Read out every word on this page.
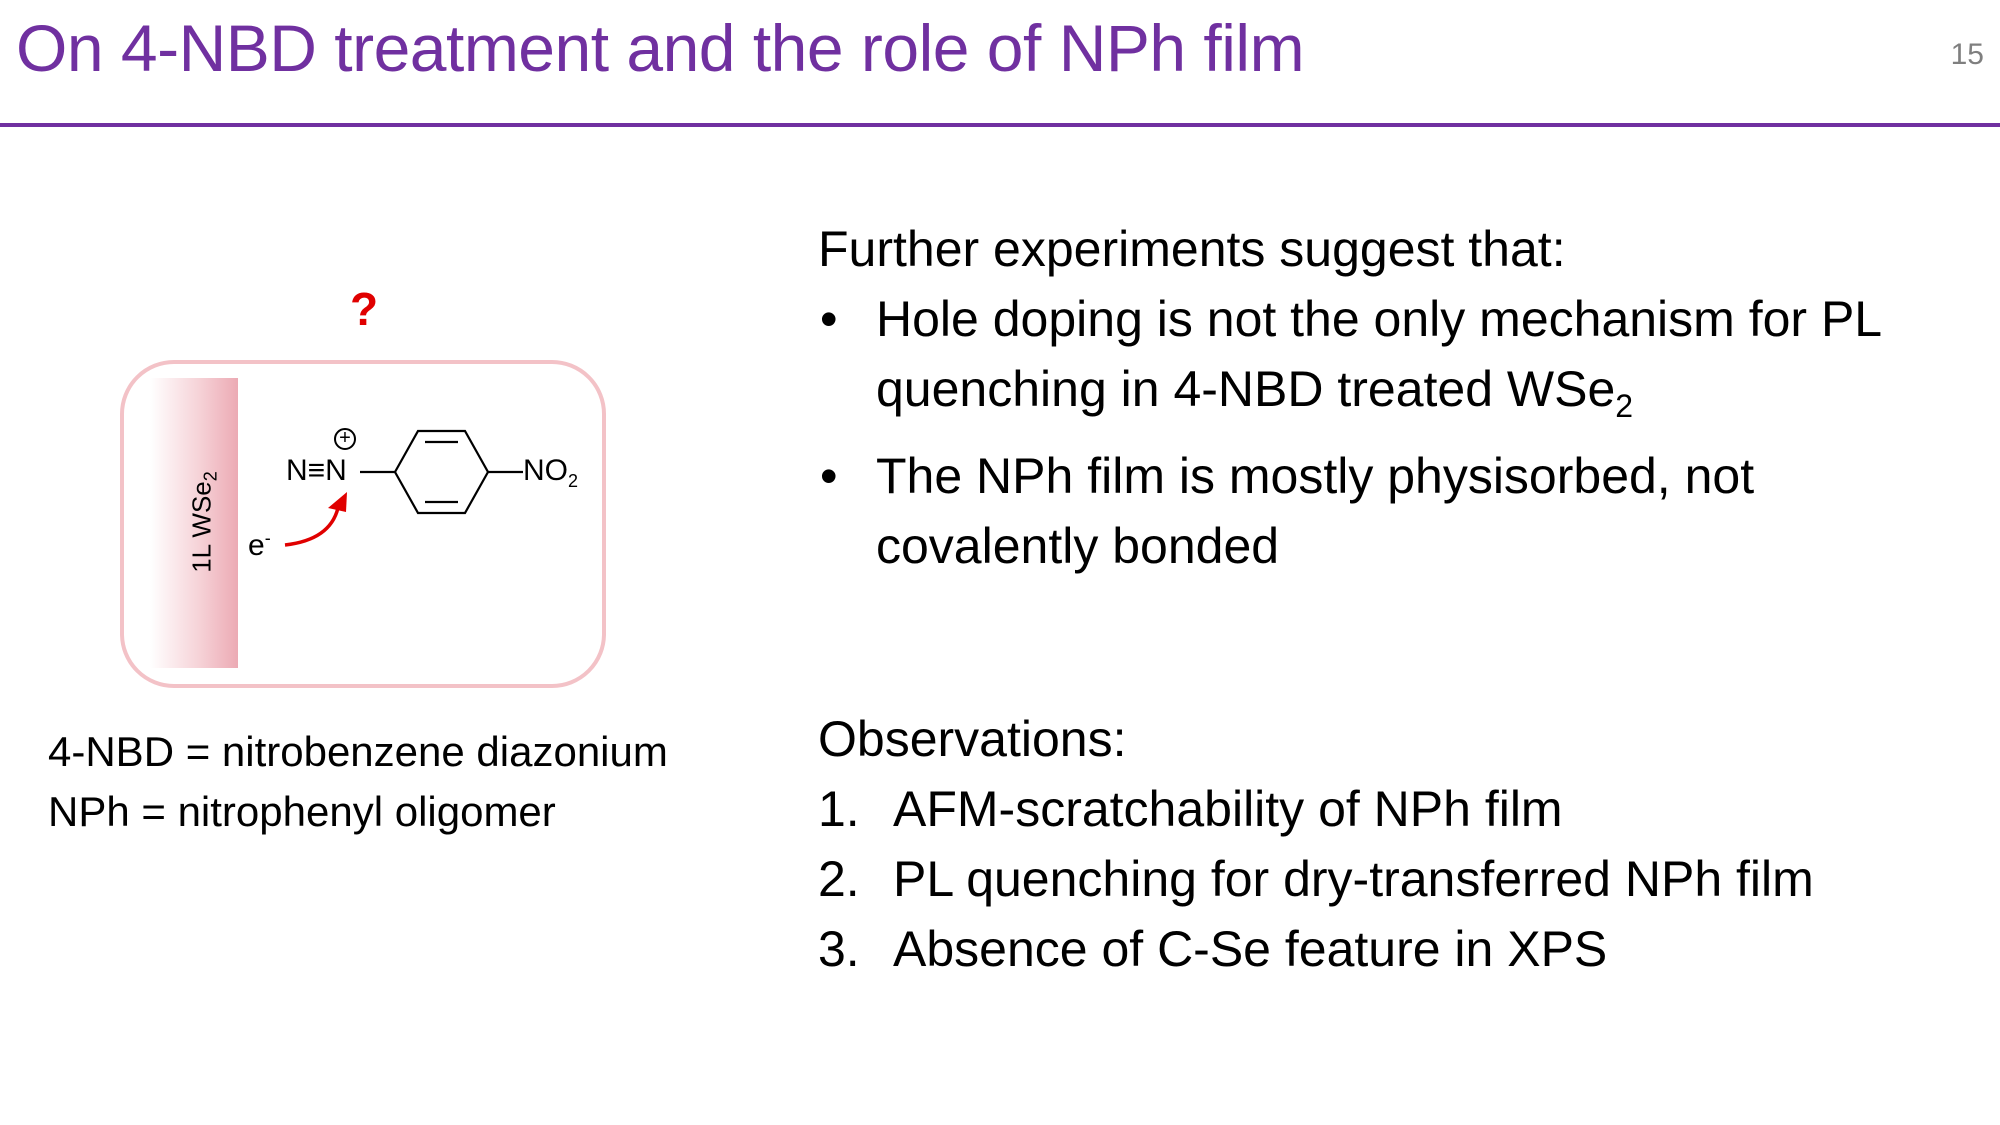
On 4-NBD treatment and the role of NPh film	15
?
1L WSe$_2$ N≡N
+
$NO_2$
e-
4-NBD = nitrobenzene diazonium
NPh = nitrophenyl oligomer
Further experiments suggest that:
• Hole doping is not the only mechanism for PL quenching in 4-NBD treated WSe$_2$
• The NPh film is mostly physisorbed, not covalently bonded
Observations:
1. AFM-scratchability of NPh film
2. PL quenching for dry-transferred NPh film
3. Absence of C-Se feature in XPS
